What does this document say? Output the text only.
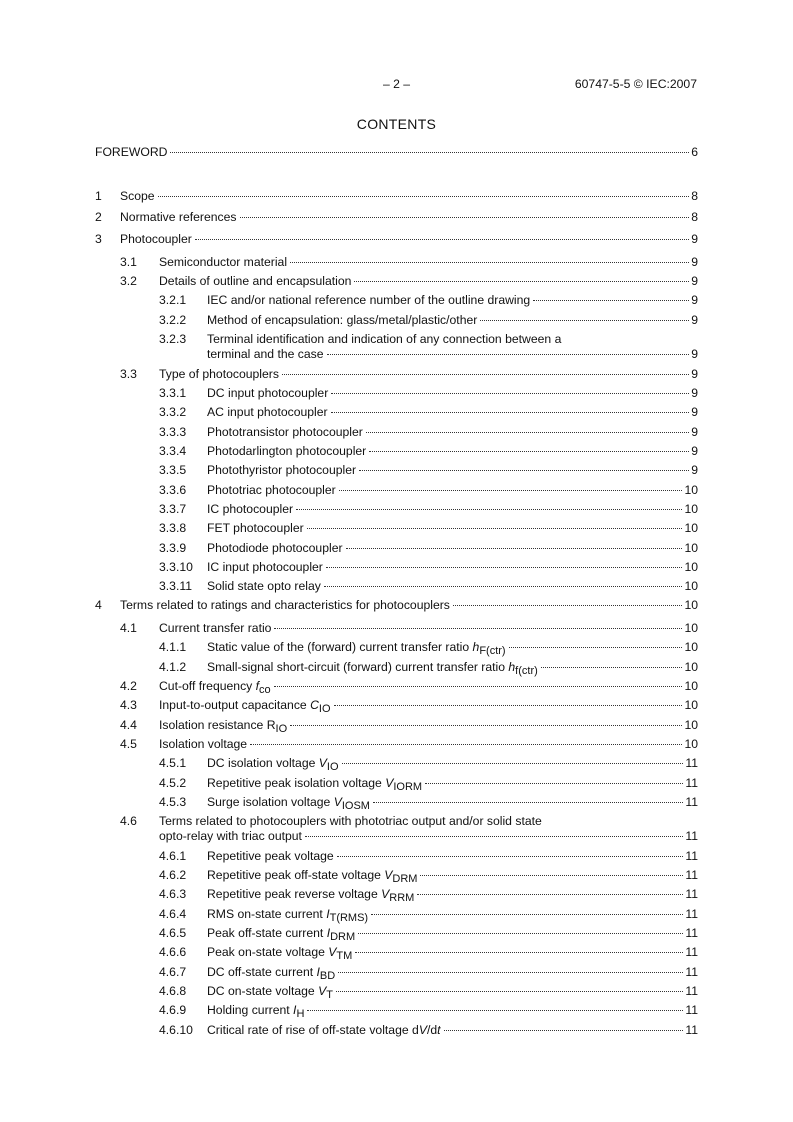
– 2 –	60747-5-5 © IEC:2007
CONTENTS
FOREWORD	6
1 Scope	8
2 Normative references	8
3 Photocoupler	9
3.1 Semiconductor material	9
3.2 Details of outline and encapsulation	9
3.2.1 IEC and/or national reference number of the outline drawing	9
3.2.2 Method of encapsulation: glass/metal/plastic/other	9
3.2.3 Terminal identification and indication of any connection between a
terminal and the case	9
3.3 Type of photocouplers	9
3.3.1 DC input photocoupler	9
3.3.2 AC input photocoupler	9
3.3.3 Phototransistor photocoupler	9
3.3.4 Photodarlington photocoupler	9
3.3.5 Photothyristor photocoupler	9
3.3.6 Phototriac photocoupler	10
3.3.7 IC photocoupler	10
3.3.8 FET photocoupler	10
3.3.9 Photodiode photocoupler	10
3.3.10 IC input photocoupler	10
3.3.11 Solid state opto relay	10
4 Terms related to ratings and characteristics for photocouplers	10
4.1 Current transfer ratio	10
4.1.1 Static value of the (forward) current transfer ratio $h_{F(ctr)}$	10
4.1.2 Small-signal short-circuit (forward) current transfer ratio $h_{f(ctr)}$	10
4.2 Cut-off frequency $f_{co}$	10
4.3 Input-to-output capacitance $C_{IO}$	10
4.4 Isolation resistance $R_{IO}$	10
4.5 Isolation voltage	10
4.5.1 DC isolation voltage $V_{IO}$	11
4.5.2 Repetitive peak isolation voltage $V_{IORM}$	11
4.5.3 Surge isolation voltage $V_{IOSM}$	11
4.6 Terms related to photocouplers with phototriac output and/or solid state
opto-relay with triac output	11
4.6.1 Repetitive peak voltage	11
4.6.2 Repetitive peak off-state voltage $V_{DRM}$	11
4.6.3 Repetitive peak reverse voltage $V_{RRM}$	11
4.6.4 RMS on-state current $I_{T(RMS)}$	11
4.6.5 Peak off-state current $I_{DRM}$	11
4.6.6 Peak on-state voltage $V_{TM}$	11
4.6.7 DC off-state current $I_{BD}$	11
4.6.8 DC on-state voltage $V_T$	11
4.6.9 Holding current $I_H$	11
4.6.10 Critical rate of rise of off-state voltage dV/dt	11
